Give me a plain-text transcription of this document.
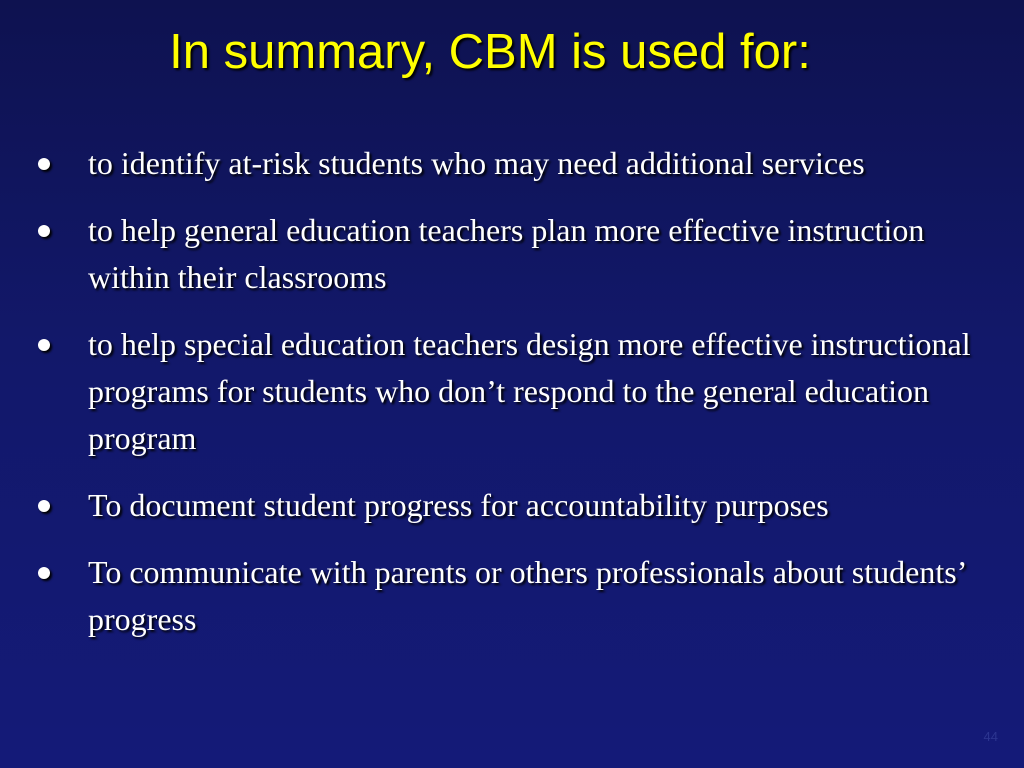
In summary, CBM is used for:
to identify at-risk students who may need additional services
to help general education teachers plan more effective instruction within their classrooms
to help special education teachers design more effective instructional programs for students who don’t respond to the general education program
To document student progress for accountability purposes
To communicate with parents or others professionals about students’ progress
44
